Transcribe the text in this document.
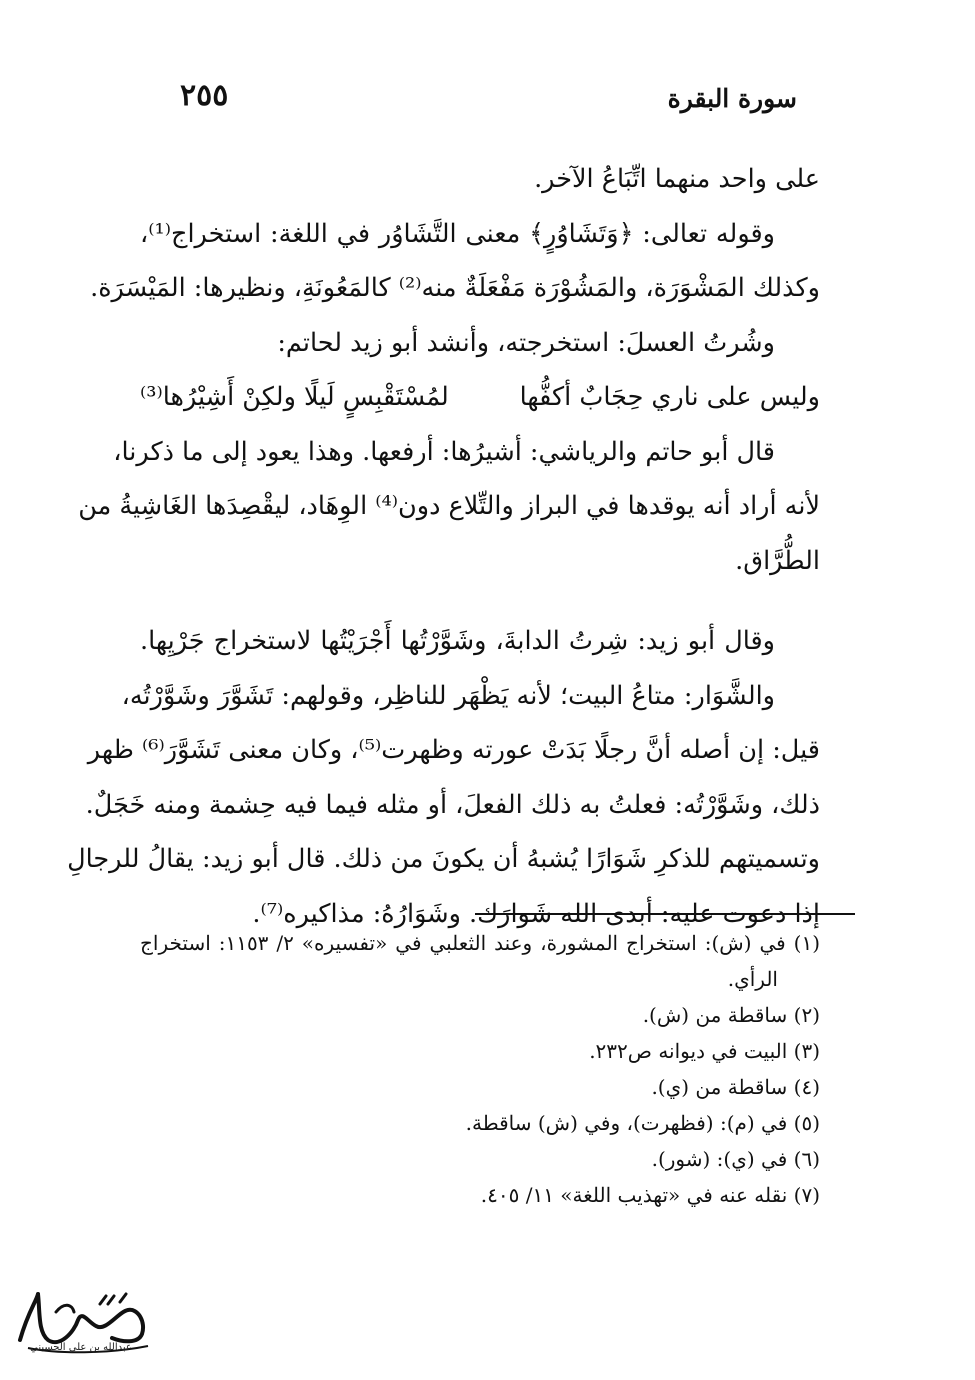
سورة البقرة
٢٥٥
على واحد منهما اتِّبَاعُ الآخر.
وقوله تعالى: ﴿وَتَشَاوُرٍ﴾ معنى التَّشَاوُر في اللغة: استخراج⁽¹⁾،
وكذلك المَشْوَرَة، والمَشُوْرَة مَفْعَلَةٌ منه⁽²⁾ كالمَعُونَةِ، ونظيرها: المَيْسَرَة.
وشُرتُ العسلَ: استخرجته، وأنشد أبو زيد لحاتم:
وليس على ناري حِجَابٌ أكفُّها
لمُسْتَقْبِسٍ لَيلًا ولكِنْ أَشِيْرُها⁽³⁾
قال أبو حاتم والرياشي: أشيرُها: أرفعها. وهذا يعود إلى ما ذكرنا،
لأنه أراد أنه يوقدها في البراز والتِّلاع دون⁽⁴⁾ الوِهَاد، ليقْصِدَها الغَاشِيةُ من
الطُّرَّاق.
وقال أبو زيد: شِرتُ الدابةَ، وشَوَّرْتُها أَجْرَيْتُها لاستخراج جَرْيِها.
والشَّوَار: متاعُ البيت؛ لأنه يَظْهَر للناظِر، وقولهم: تَشَوَّرَ وشَوَّرْتُه،
قيل: إن أصله أنَّ رجلًا بَدَتْ عورته وظهرت⁽⁵⁾، وكان معنى تَشَوَّرَ⁽⁶⁾ ظهر
ذلك، وشَوَّرْتُه: فعلتُ به ذلك الفعلَ، أو مثله فيما فيه حِشمة ومنه خَجَلٌ.
وتسميتهم للذكرِ شَوَارًا يُشبهُ أن يكونَ من ذلك. قال أبو زيد: يقالُ للرجالِ
إذا دعوت عليه: أبدى الله شَوارَك. وشَوَارُهُ: مذاكيره⁽⁷⁾.
(١) في (ش): استخراج المشورة، وعند الثعلبي في «تفسيره» ٢/ ١١٥٣: استخراج
الرأي.
(٢) ساقطة من (ش).
(٣) البيت في ديوانه ص٢٣٢.
(٤) ساقطة من (ي).
(٥) في (م): (فظهرت)، وفي (ش) ساقطة.
(٦) في (ي): (شور).
(٧) نقله عنه في «تهذيب اللغة» ١١/ ٤٠٥.
عبدالله بن علي الحسيني
